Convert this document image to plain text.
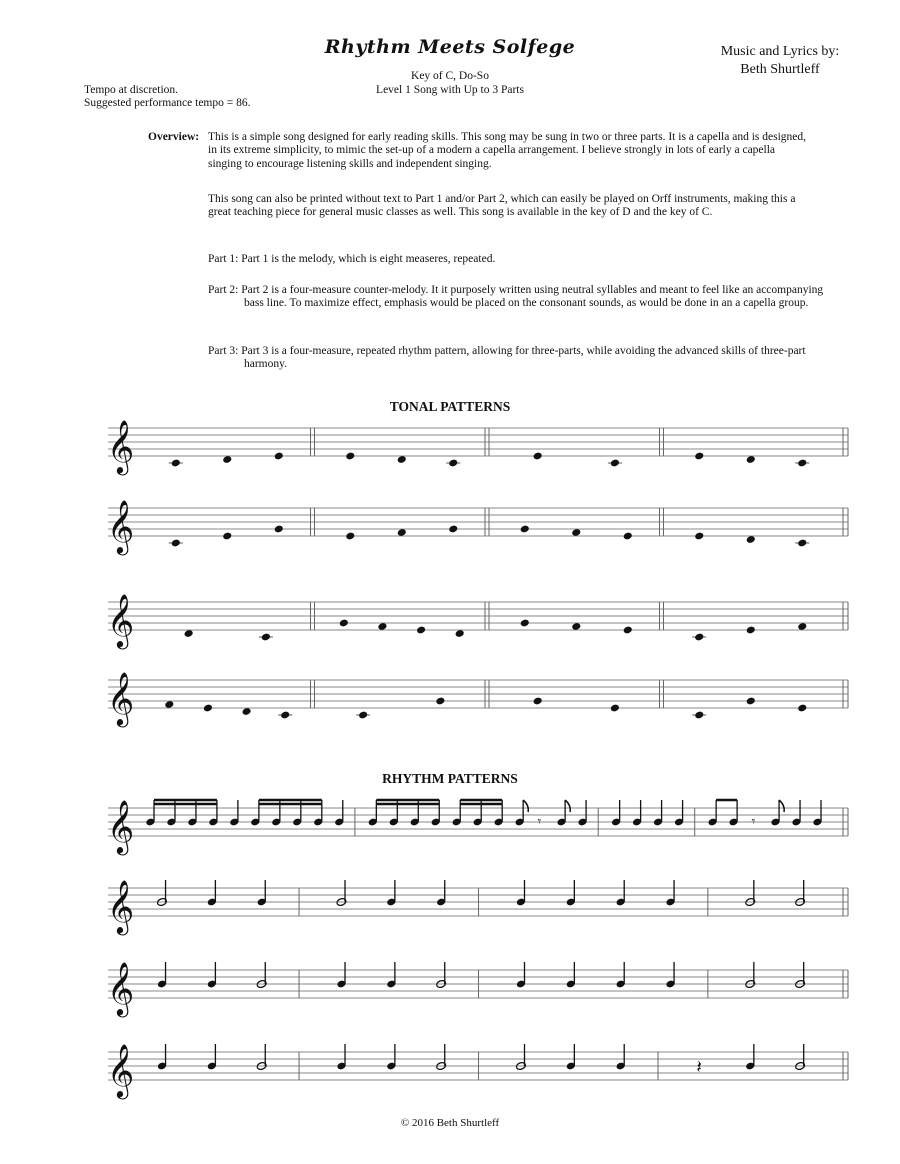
Rhythm Meets Solfege
Key of C, Do-So
Level 1 Song with Up to 3 Parts
Music and Lyrics by:
Beth Shurtleff
Tempo at discretion.
Suggested performance tempo = 86.
Overview: This is a simple song designed for early reading skills. This song may be sung in two or three parts. It is a capella and is designed, in its extreme simplicity, to mimic the set-up of a modern a capella arrangement. I believe strongly in lots of early a capella singing to encourage listening skills and independent singing.
This song can also be printed without text to Part 1 and/or Part 2, which can easily be played on Orff instruments, making this a great teaching piece for general music classes as well. This song is available in the key of D and the key of C.
Part 1: Part 1 is the melody, which is eight measeres, repeated.
Part 2: Part 2 is a four-measure counter-melody. It it purposely written using neutral syllables and meant to feel like an accompanying bass line. To maximize effect, emphasis would be placed on the consonant sounds, as would be done in an a capella group.
Part 3: Part 3 is a four-measure, repeated rhythm pattern, allowing for three-parts, while avoiding the advanced skills of three-part harmony.
TONAL PATTERNS
𝄞
𝄞
𝄞
𝄞
RHYTHM PATTERNS
𝄞	𝄾	𝄾
𝄞
𝄞
𝄞	𝄽
© 2016 Beth Shurtleff
